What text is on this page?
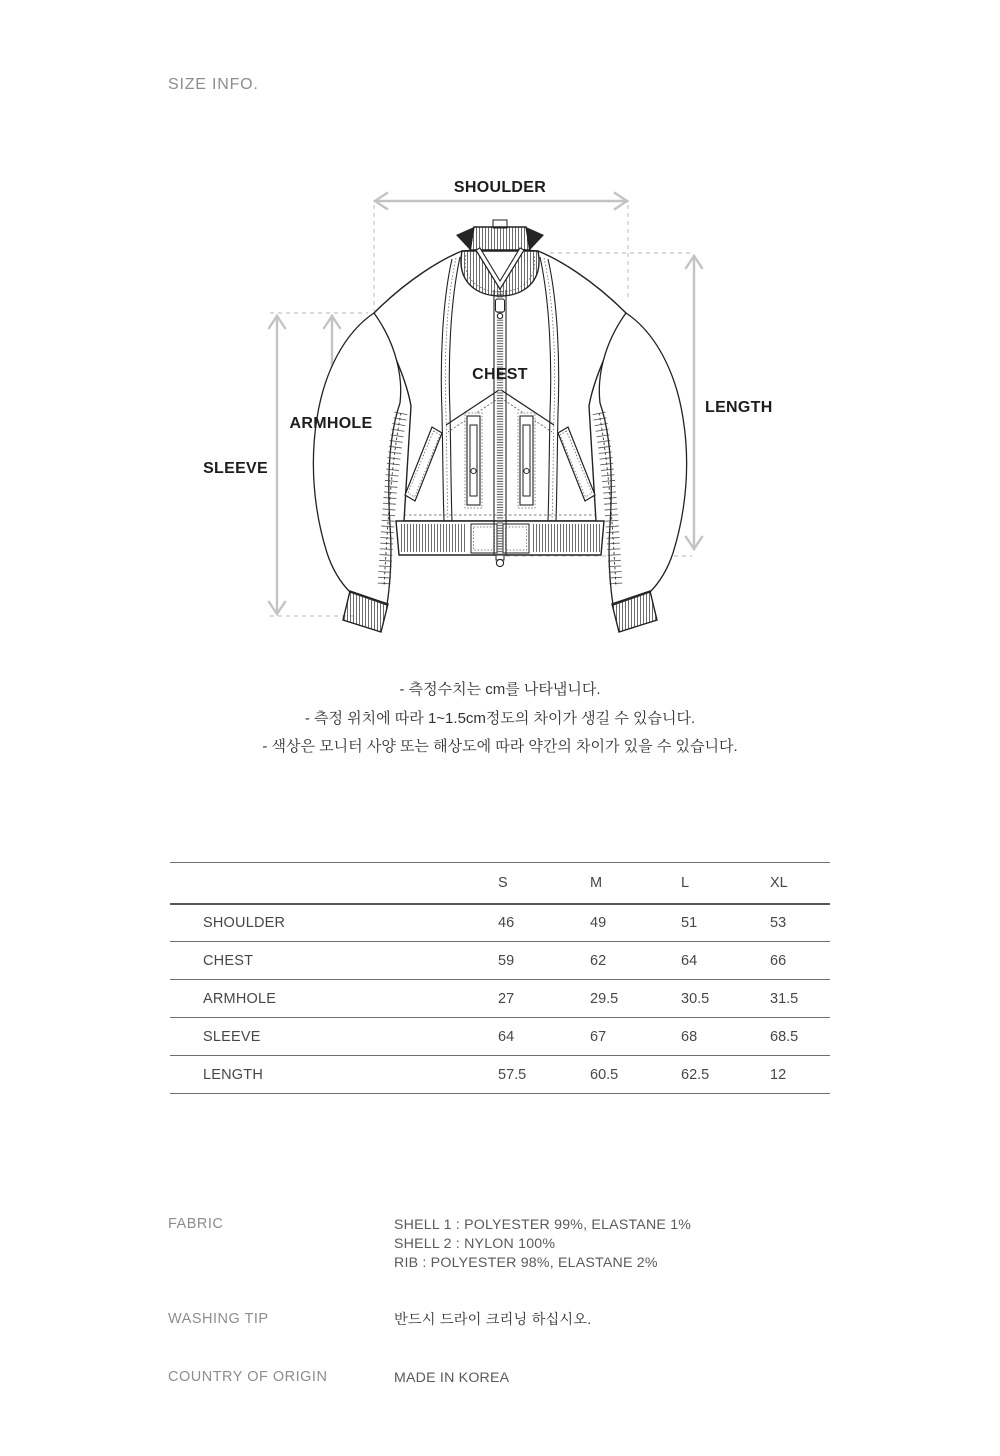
SIZE INFO.
SHOULDER
CHEST
ARMHOLE
SLEEVE
LENGTH
- 측정수치는 cm를 나타냅니다.
- 측정 위치에 따라 1~1.5cm정도의 차이가 생길 수 있습니다.
- 색상은 모니터 사양 또는 해상도에 따라 약간의 차이가 있을 수 있습니다.
	S	M	L	XL
SHOULDER	46	49	51	53
CHEST	59	62	64	66
ARMHOLE	27	29.5	30.5	31.5
SLEEVE	64	67	68	68.5
LENGTH	57.5	60.5	62.5	12
FABRIC	SHELL 1 : POLYESTER 99%, ELASTANE 1%
SHELL 2 : NYLON 100%
RIB : POLYESTER 98%, ELASTANE 2%
WASHING TIP	반드시 드라이 크리닝 하십시오.
COUNTRY OF ORIGIN	MADE IN KOREA
